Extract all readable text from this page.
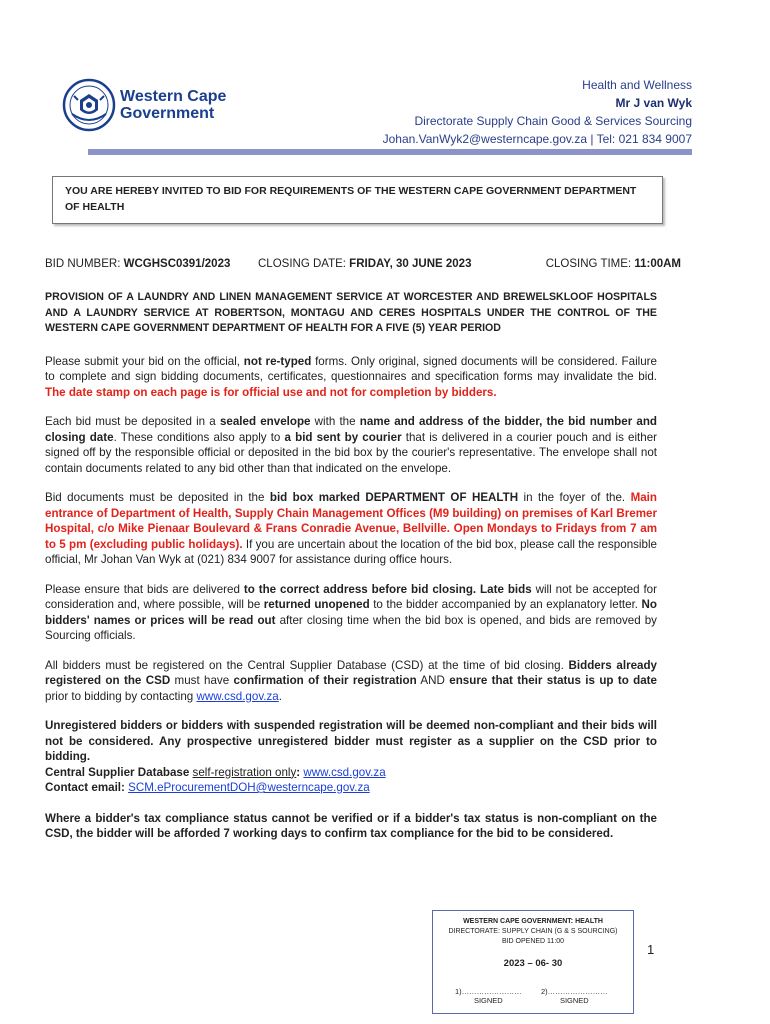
Western Cape
Government
Health and Wellness
Mr J van Wyk
Directorate Supply Chain Good & Services Sourcing
Johan.VanWyk2@westerncape.gov.za | Tel: 021 834 9007
YOU ARE HEREBY INVITED TO BID FOR REQUIREMENTS OF THE WESTERN CAPE GOVERNMENT DEPARTMENT OF HEALTH
BID NUMBER: WCGHSC0391/2023 CLOSING DATE: FRIDAY, 30 JUNE 2023	CLOSING TIME: 11:00AM

PROVISION OF A LAUNDRY AND LINEN MANAGEMENT SERVICE AT WORCESTER AND BREWELSKLOOF HOSPITALS AND A LAUNDRY SERVICE AT ROBERTSON, MONTAGU AND CERES HOSPITALS UNDER THE CONTROL OF THE WESTERN CAPE GOVERNMENT DEPARTMENT OF HEALTH FOR A FIVE (5) YEAR PERIOD

Please submit your bid on the official, not re-typed forms. Only original, signed documents will be considered. Failure to complete and sign bidding documents, certificates, questionnaires and specification forms may invalidate the bid. The date stamp on each page is for official use and not for completion by bidders.

Each bid must be deposited in a sealed envelope with the name and address of the bidder, the bid number and closing date. These conditions also apply to a bid sent by courier that is delivered in a courier pouch and is either signed off by the responsible official or deposited in the bid box by the courier's representative. The envelope shall not contain documents related to any bid other than that indicated on the envelope.

Bid documents must be deposited in the bid box marked DEPARTMENT OF HEALTH in the foyer of the. Main entrance of Department of Health, Supply Chain Management Offices (M9 building) on premises of Karl Bremer Hospital, c/o Mike Pienaar Boulevard & Frans Conradie Avenue, Bellville. Open Mondays to Fridays from 7 am to 5 pm (excluding public holidays). If you are uncertain about the location of the bid box, please call the responsible official, Mr Johan Van Wyk at (021) 834 9007 for assistance during office hours.

Please ensure that bids are delivered to the correct address before bid closing. Late bids will not be accepted for consideration and, where possible, will be returned unopened to the bidder accompanied by an explanatory letter. No bidders' names or prices will be read out after closing time when the bid box is opened, and bids are removed by Sourcing officials.

All bidders must be registered on the Central Supplier Database (CSD) at the time of bid closing. Bidders already registered on the CSD must have confirmation of their registration AND ensure that their status is up to date prior to bidding by contacting www.csd.gov.za.

Unregistered bidders or bidders with suspended registration will be deemed non-compliant and their bids will not be considered. Any prospective unregistered bidder must register as a supplier on the CSD prior to bidding.
Central Supplier Database self-registration only: www.csd.gov.za
Contact email: SCM.eProcurementDOH@westerncape.gov.za

Where a bidder's tax compliance status cannot be verified or if a bidder's tax status is non-compliant on the CSD, the bidder will be afforded 7 working days to confirm tax compliance for the bid to be considered.

WESTERN CAPE GOVERNMENT: HEALTH
DIRECTORATE: SUPPLY CHAIN (G & S SOURCING)
BID OPENED 11:00
2023 – 06- 30
1)……………………
SIGNED
2)……………………
SIGNED
1
